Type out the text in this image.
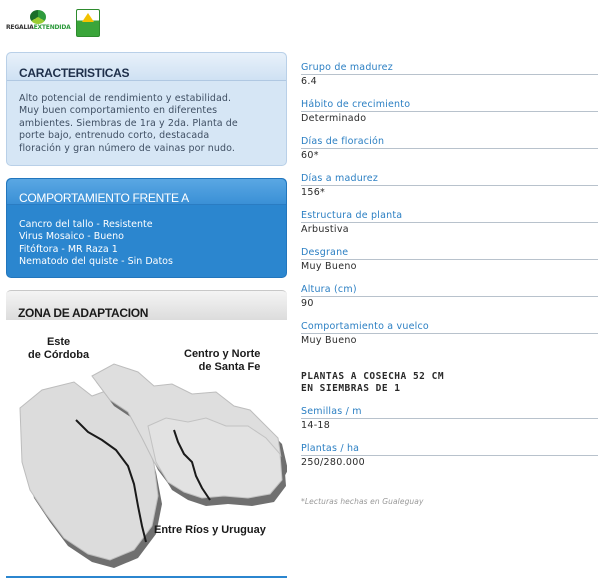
REGALIAEXTENDIDA
CARACTERISTICAS
Alto potencial de rendimiento y estabilidad.
Muy buen comportamiento en diferentes
ambientes. Siembras de 1ra y 2da. Planta de
porte bajo, entrenudo corto, destacada
floración y gran número de vainas por nudo.
COMPORTAMIENTO FRENTE A
Cancro del tallo - Resistente
Virus Mosaico - Bueno
Fitóftora - MR Raza 1
Nematodo del quiste - Sin Datos
ZONA DE ADAPTACION
Este
de Córdoba	Centro y Norte
de Santa Fe
Entre Ríos y Uruguay
Grupo de madurez
6.4
Hábito de crecimiento
Determinado
Días de floración
60*
Días a madurez
156*
Estructura de planta
Arbustiva
Desgrane
Muy Bueno
Altura (cm)
90
Comportamiento a vuelco
Muy Bueno
PLANTAS A COSECHA 52 CM
EN SIEMBRAS DE 1
Semillas / m
14-18
Plantas / ha
250/280.000
*Lecturas hechas en Gualeguay
